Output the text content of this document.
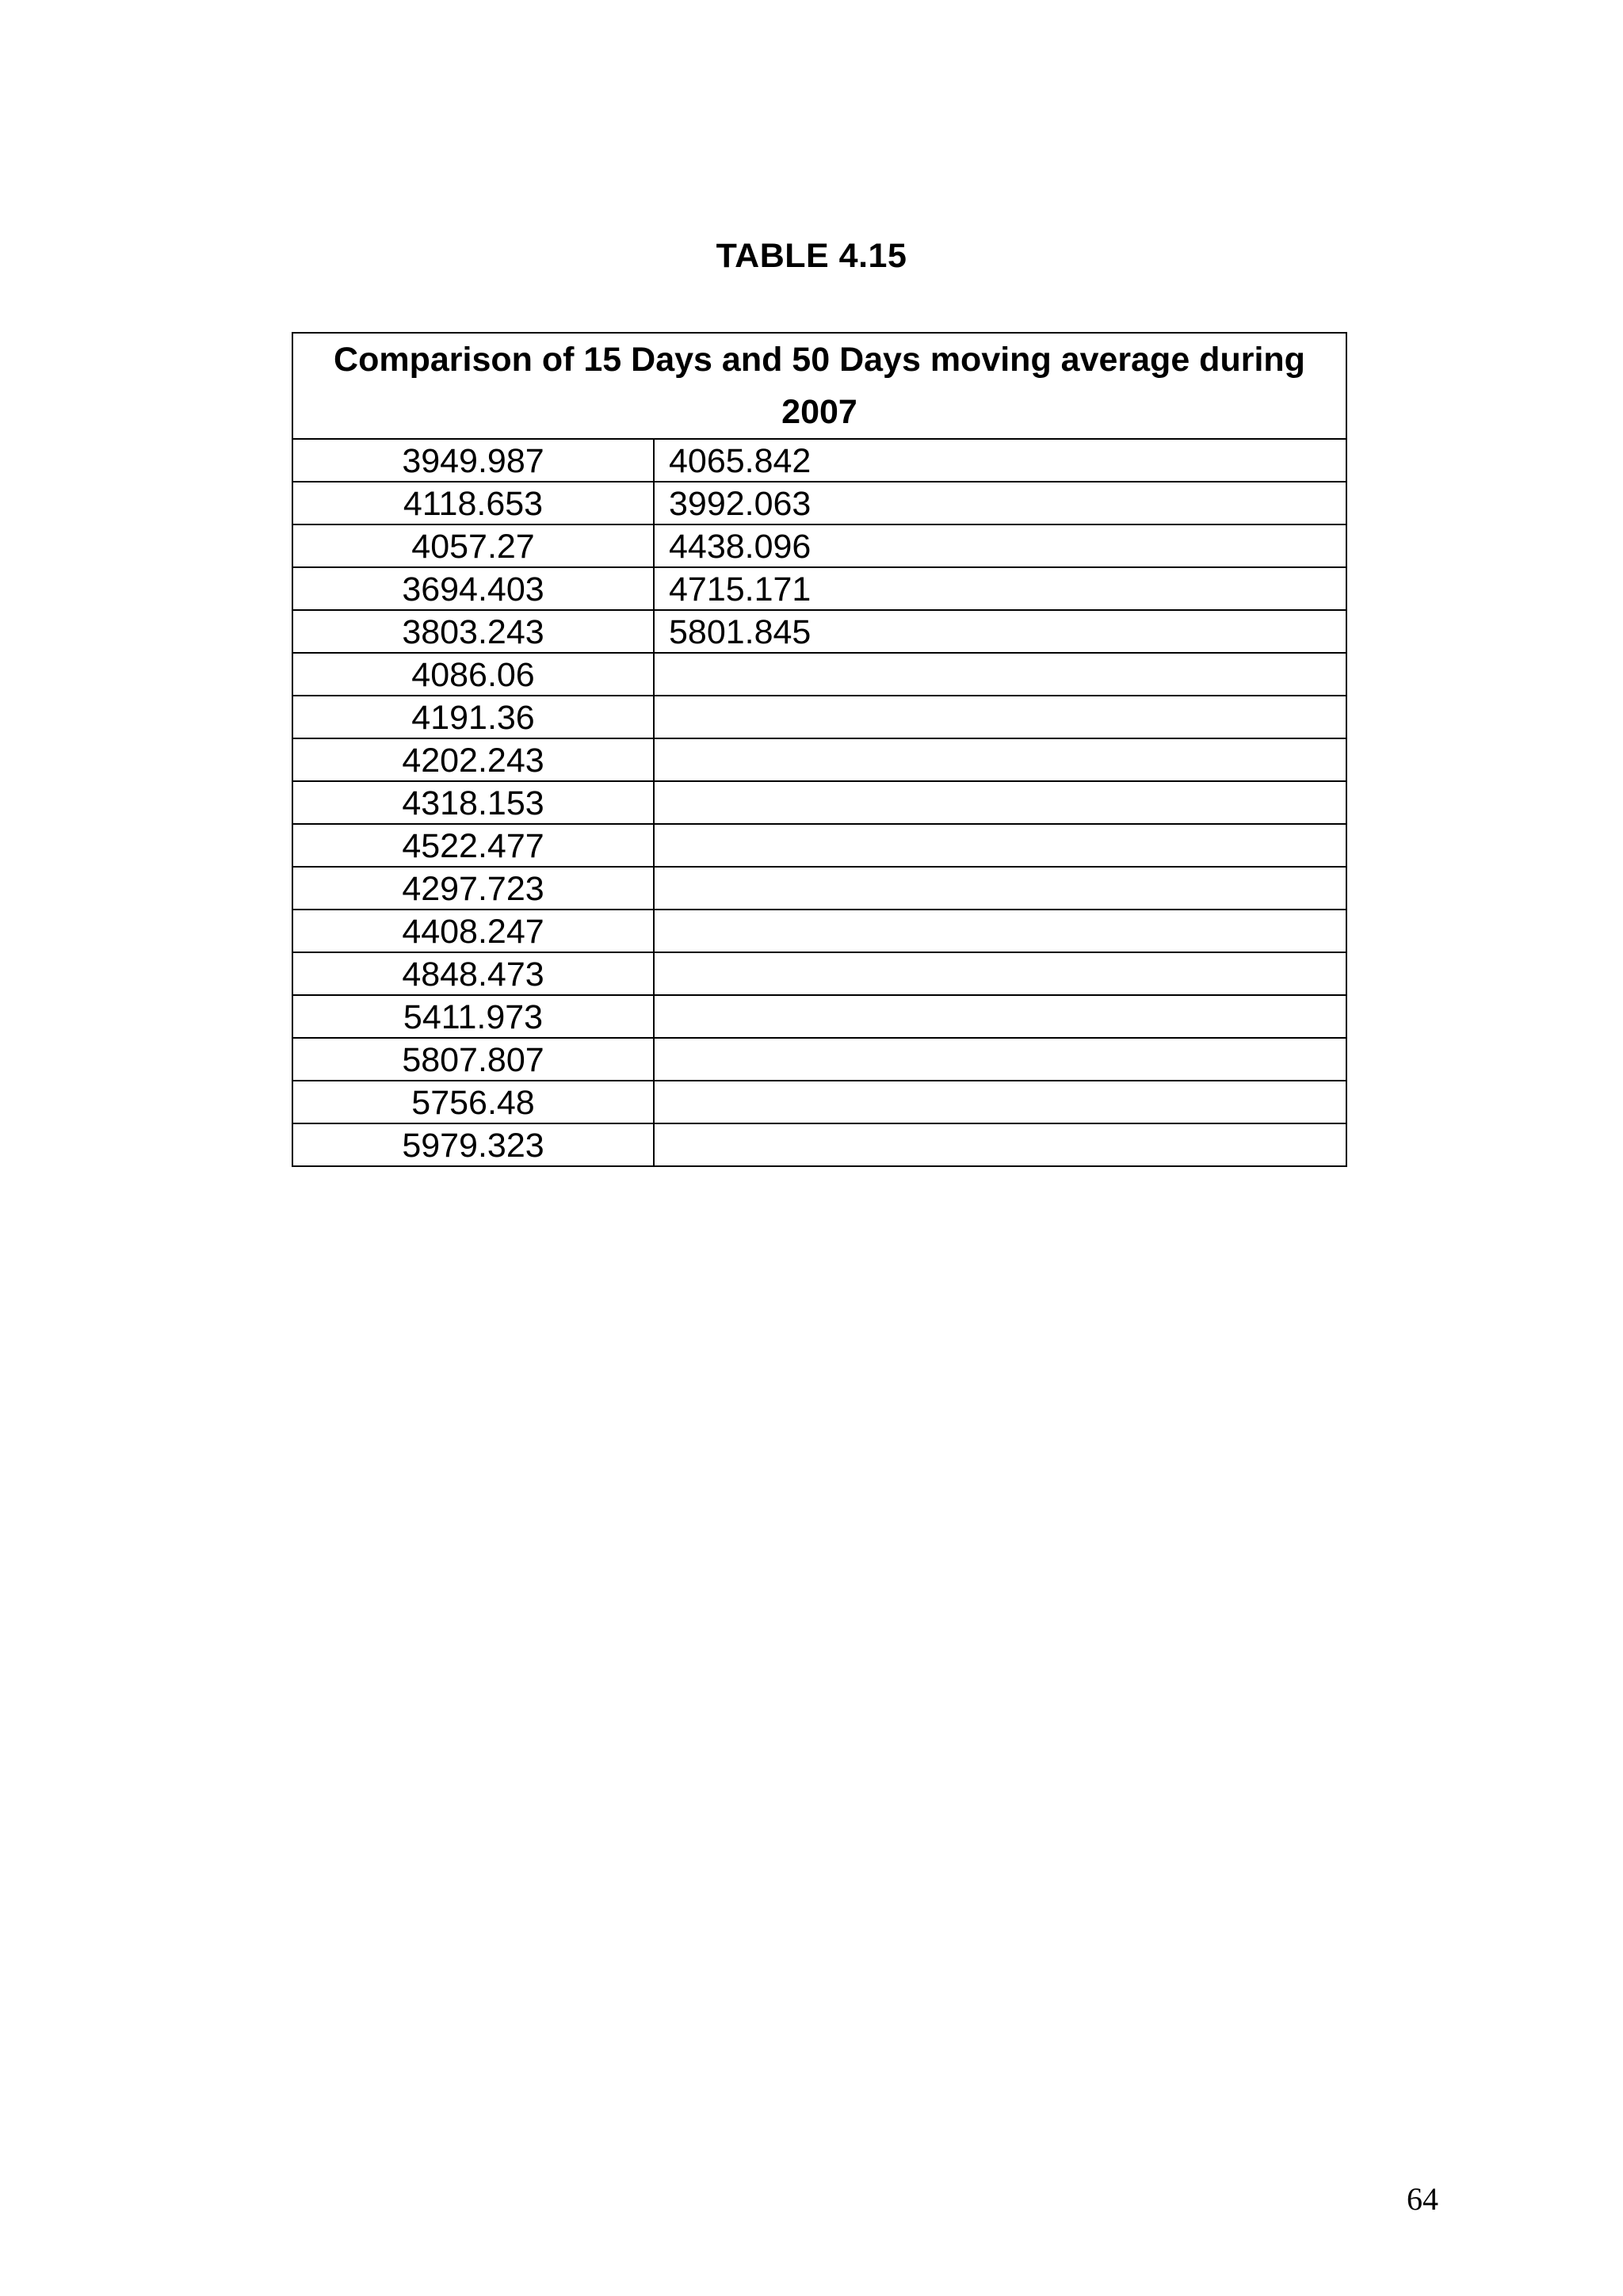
TABLE 4.15
Comparison of 15 Days and 50 Days moving average during
2007	

3949.987	4065.842
4118.653	3992.063
4057.27	4438.096
3694.403	4715.171
3803.243	5801.845
4086.06	
4191.36	
4202.243	
4318.153	
4522.477	
4297.723	
4408.247	
4848.473	
5411.973	
5807.807	
5756.48	
5979.323	
64
